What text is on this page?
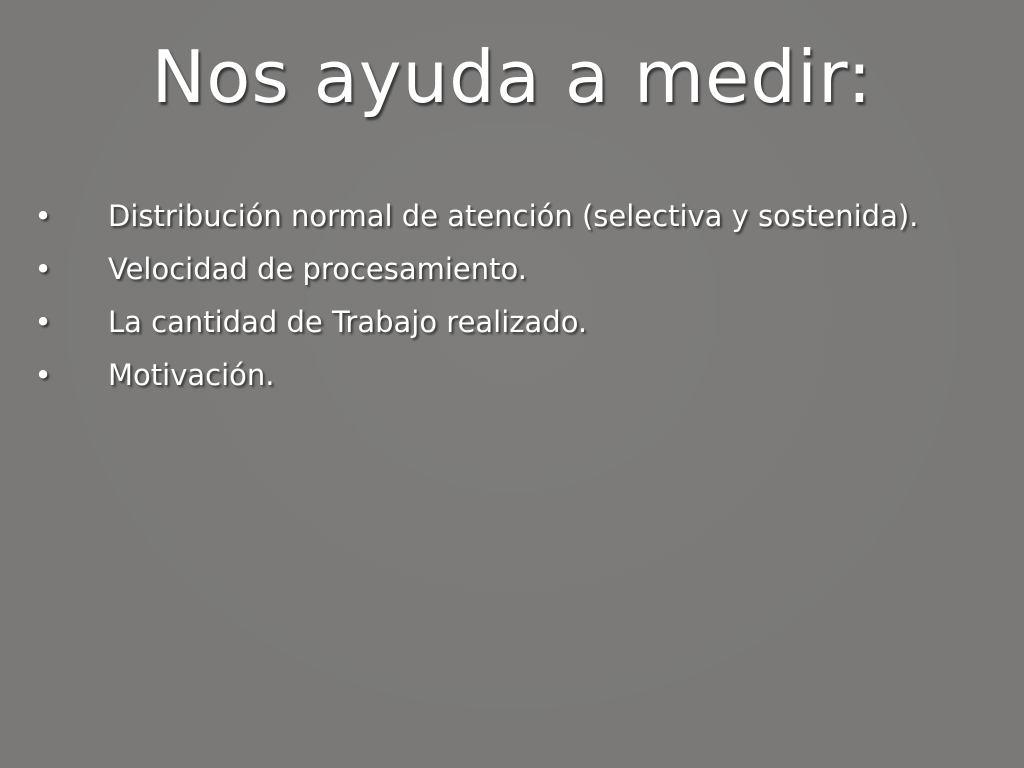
Nos ayuda a medir:
• Distribución normal de atención (selectiva y sostenida).
• Velocidad de procesamiento.
• La cantidad de Trabajo realizado.
• Motivación.
